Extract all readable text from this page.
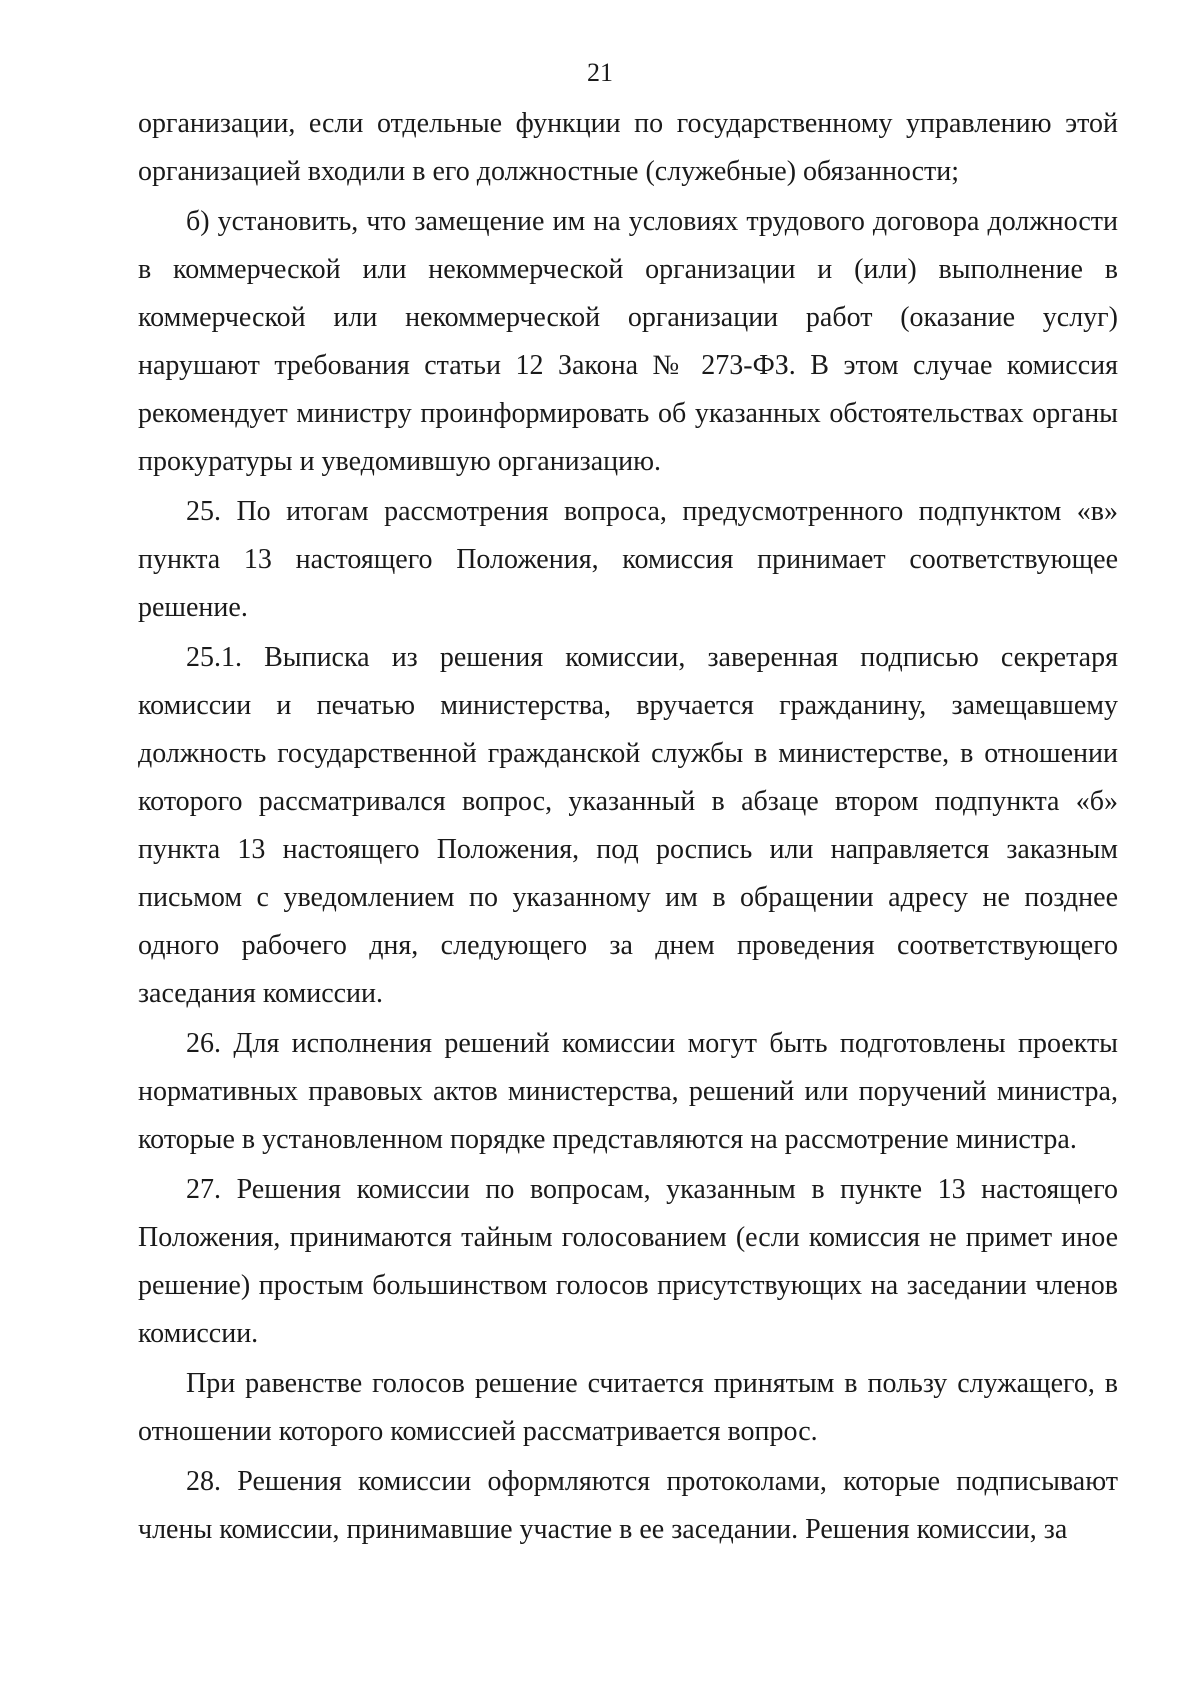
21

организации, если отдельные функции по государственному управлению этой организацией входили в его должностные (служебные) обязанности;

б) установить, что замещение им на условиях трудового договора должности в коммерческой или некоммерческой организации и (или) выполнение в коммерческой или некоммерческой организации работ (оказание услуг) нарушают требования статьи 12 Закона № 273-ФЗ. В этом случае комиссия рекомендует министру проинформировать об указанных обстоятельствах органы прокуратуры и уведомившую организацию.

25. По итогам рассмотрения вопроса, предусмотренного подпунктом «в» пункта 13 настоящего Положения, комиссия принимает соответствующее решение.

25.1. Выписка из решения комиссии, заверенная подписью секретаря комиссии и печатью министерства, вручается гражданину, замещавшему должность государственной гражданской службы в министерстве, в отношении которого рассматривался вопрос, указанный в абзаце втором подпункта «б» пункта 13 настоящего Положения, под роспись или направляется заказным письмом с уведомлением по указанному им в обращении адресу не позднее одного рабочего дня, следующего за днем проведения соответствующего заседания комиссии.

26. Для исполнения решений комиссии могут быть подготовлены проекты нормативных правовых актов министерства, решений или поручений министра, которые в установленном порядке представляются на рассмотрение министра.

27. Решения комиссии по вопросам, указанным в пункте 13 настоящего Положения, принимаются тайным голосованием (если комиссия не примет иное решение) простым большинством голосов присутствующих на заседании членов комиссии.

При равенстве голосов решение считается принятым в пользу служащего, в отношении которого комиссией рассматривается вопрос.

28. Решения комиссии оформляются протоколами, которые подписывают члены комиссии, принимавшие участие в ее заседании. Решения комиссии, за
